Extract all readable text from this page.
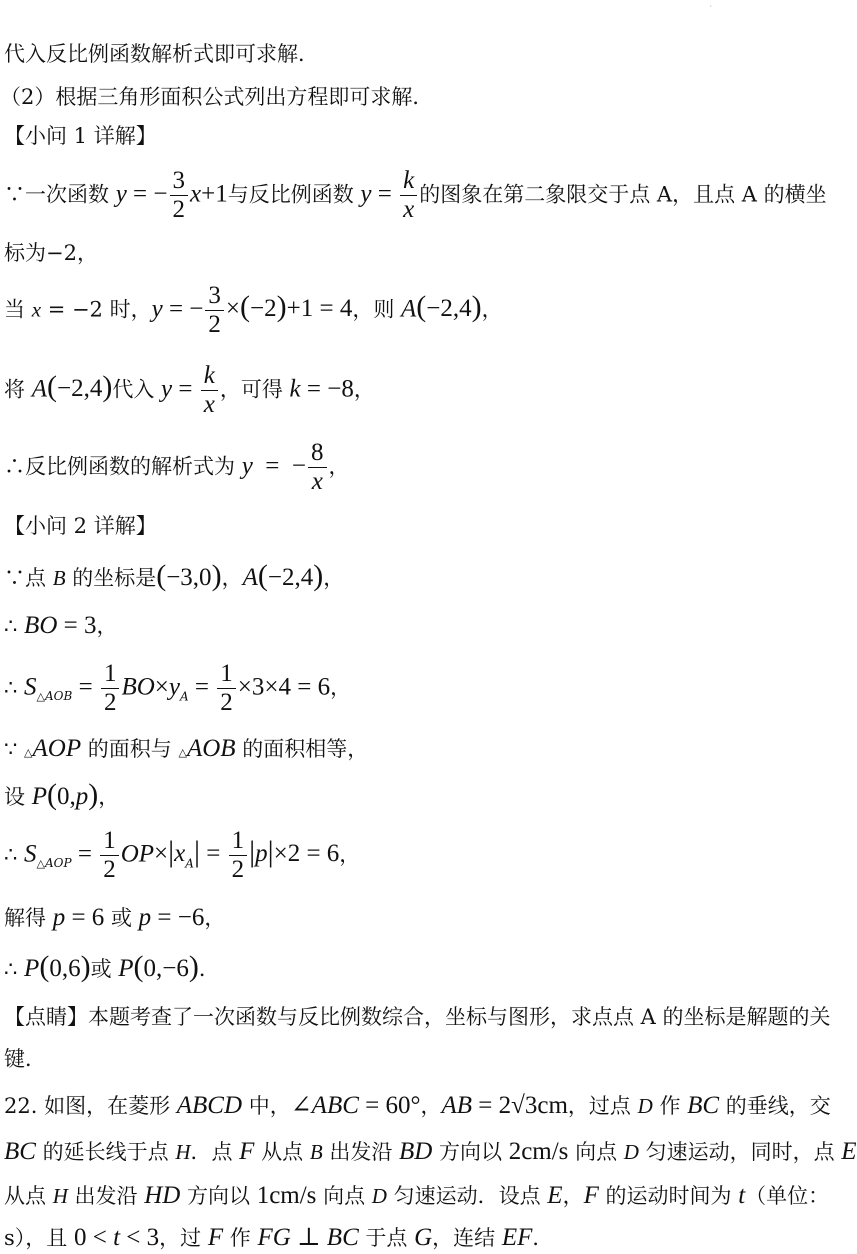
·
代入反比例函数解析式即可求解．
（2）根据三角形面积公式列出方程即可求解．
【小问 1 详解】
∵一次函数 y = − $\frac{3}{2} x+1$与反比例函数 $y = \frac{k}{x}$ 的图象在第二象限交于点 A，且点 A 的横坐
标为−2，
当 x = −2 时，y = − $\frac{3}{2} \times(-2)+1 = 4$，则 A(−2,4)，
将 A(−2,4)代入 $y = \frac{k}{x}$ ，可得 k = −8，
∴反比例函数的解析式为 y  =  − $\frac{8}{x}$ ，
【小问 2 详解】
∵点 B 的坐标是(−3,0)，A(−2,4)，
∴ BO = 3，
∴ $S_{\triangle AOB} = \frac{1}{2} BO\times y_A = \frac{1}{2} \times 3\times 4 = 6$，
∵ △AOP 的面积与 △AOB 的面积相等，
设 P(0,p)，
∴ $S_{\triangle AOP} = \frac{1}{2} OP\times|x_A| = \frac{1}{2} |p|\times 2 = 6$，
解得 p = 6 或 p = −6，
∴ P(0,6)或 P(0,−6)．
【点睛】本题考查了一次函数与反比例数综合，坐标与图形，求点点 A 的坐标是解题的关
键．
22. 如图，在菱形 ABCD 中，∠ABC = 60°，AB = 2√3cm，过点 D 作 BC 的垂线，交
BC 的延长线于点 H．点 F 从点 B 出发沿 BD 方向以 2cm/s 向点 D 匀速运动，同时，点 E
从点 H 出发沿 HD 方向以 1cm/s 向点 D 匀速运动．设点 E，F 的运动时间为 t（单位：
s），且 0 < t < 3，过 F 作 FG ⊥ BC 于点 G，连结 EF．
